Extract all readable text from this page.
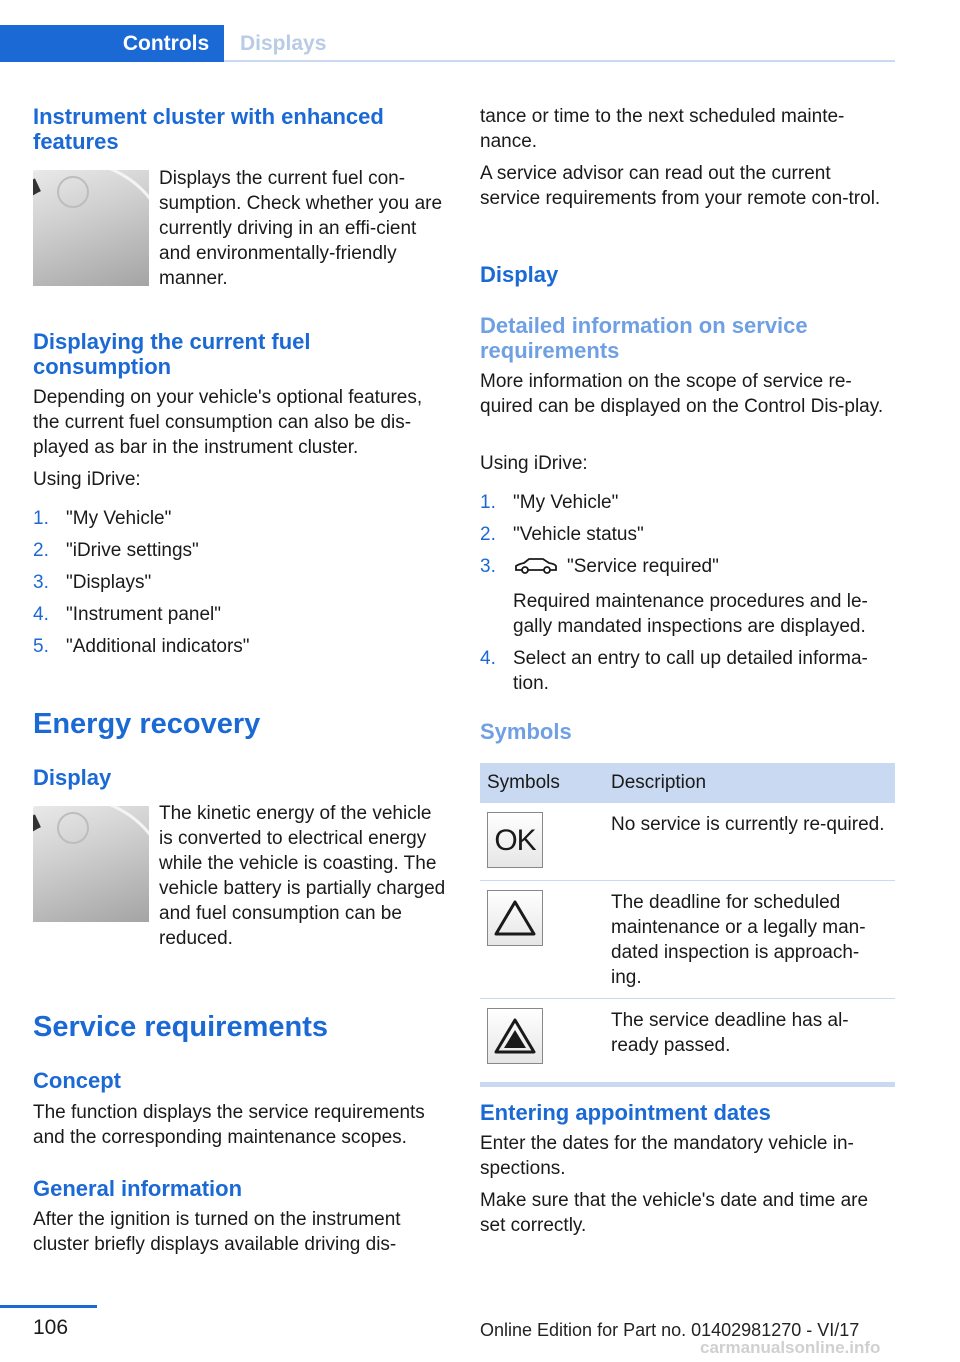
Controls	Displays
Instrument cluster with enhanced features

Displays the current fuel con-sumption. Check whether you are currently driving in an effi-cient and environmentally-friendly manner.

Displaying the current fuel consumption

Depending on your vehicle's optional features, the current fuel consumption can also be dis-played as bar in the instrument cluster.

Using iDrive:

1. "My Vehicle"
2. "iDrive settings"
3. "Displays"
4. "Instrument panel"
5. "Additional indicators"
Energy recovery
Display

The kinetic energy of the vehicle is converted to electrical energy while the vehicle is coasting. The vehicle battery is partially charged and fuel consumption can be reduced.

Service requirements
Concept

The function displays the service requirements and the corresponding maintenance scopes.

General information

After the ignition is turned on the instrument cluster briefly displays available driving dis-

tance or time to the next scheduled mainte-nance.

A service advisor can read out the current service requirements from your remote con-trol.

Display
Detailed information on service requirements

More information on the scope of service re-quired can be displayed on the Control Dis-play.

Using iDrive:

1. "My Vehicle"
2. "Vehicle status"
3.	"Service required"
Required maintenance procedures and le-gally mandated inspections are displayed.
4. Select an entry to call up detailed informa-tion.
Symbols
Symbols	Description

OK	No service is currently re-quired.

	The deadline for scheduled maintenance or a legally man-dated inspection is approach-ing.

	The service deadline has al-ready passed.
Entering appointment dates

Enter the dates for the mandatory vehicle in-spections.

Make sure that the vehicle's date and time are set correctly.

106	Online Edition for Part no. 01402981270 - VI/17
carmanualsonline.info
